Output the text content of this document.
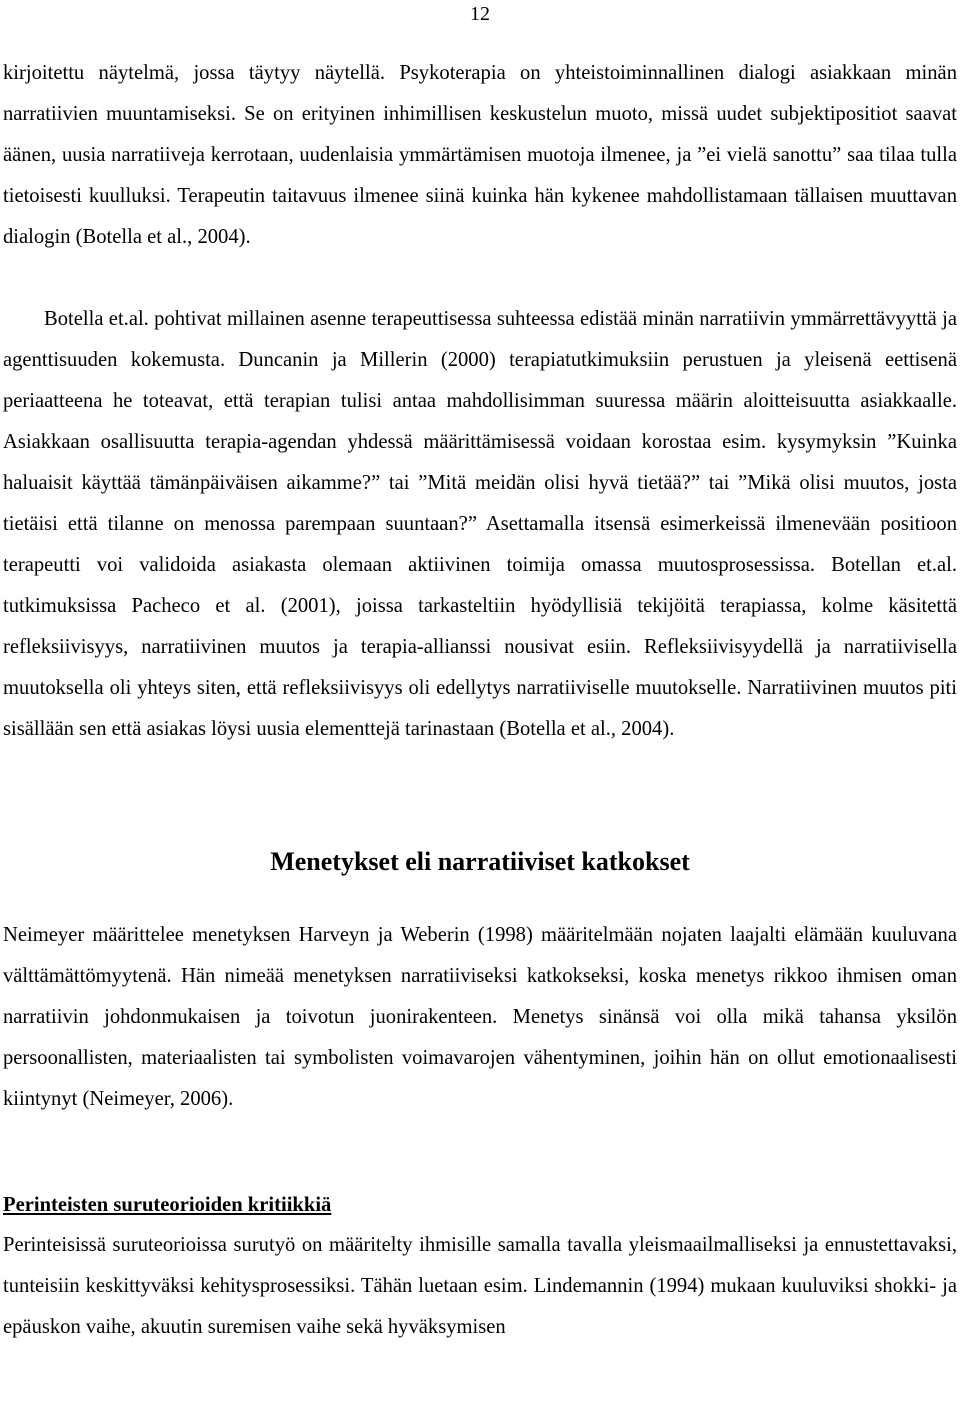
12

kirjoitettu näytelmä, jossa täytyy näytellä. Psykoterapia on yhteistoiminnallinen dialogi asiakkaan minän narratiivien muuntamiseksi. Se on erityinen inhimillisen keskustelun muoto, missä uudet subjektipositiot saavat äänen, uusia narratiiveja kerrotaan, uudenlaisia ymmärtämisen muotoja ilmenee, ja ”ei vielä sanottu” saa tilaa tulla tietoisesti kuulluksi. Terapeutin taitavuus ilmenee siinä kuinka hän kykenee mahdollistamaan tällaisen muuttavan dialogin (Botella et al., 2004).

Botella et.al. pohtivat millainen asenne terapeuttisessa suhteessa edistää minän narratiivin ymmärrettävyyttä ja agenttisuuden kokemusta. Duncanin ja Millerin (2000) terapiatutkimuksiin perustuen ja yleisenä eettisenä periaatteena he toteavat, että terapian tulisi antaa mahdollisimman suuressa määrin aloitteisuutta asiakkaalle. Asiakkaan osallisuutta terapia-agendan yhdessä määrittämisessä voidaan korostaa esim. kysymyksin ”Kuinka haluaisit käyttää tämänpäiväisen aikamme?” tai ”Mitä meidän olisi hyvä tietää?” tai ”Mikä olisi muutos, josta tietäisi että tilanne on menossa parempaan suuntaan?” Asettamalla itsensä esimerkeissä ilmenevään positioon terapeutti voi validoida asiakasta olemaan aktiivinen toimija omassa muutosprosessissa. Botellan et.al. tutkimuksissa Pacheco et al. (2001), joissa tarkasteltiin hyödyllisiä tekijöitä terapiassa, kolme käsitettä refleksiivisyys, narratiivinen muutos ja terapia-allianssi nousivat esiin. Refleksiivisyydellä ja narratiivisella muutoksella oli yhteys siten, että refleksiivisyys oli edellytys narratiiviselle muutokselle. Narratiivinen muutos piti sisällään sen että asiakas löysi uusia elementtejä tarinastaan (Botella et al., 2004).

Menetykset eli narratiiviset katkokset

Neimeyer määrittelee menetyksen Harveyn ja Weberin (1998) määritelmään nojaten laajalti elämään kuuluvana välttämättömyytenä. Hän nimeää menetyksen narratiiviseksi katkokseksi, koska menetys rikkoo ihmisen oman narratiivin johdonmukaisen ja toivotun juonirakenteen. Menetys sinänsä voi olla mikä tahansa yksilön persoonallisten, materiaalisten tai symbolisten voimavarojen vähentyminen, joihin hän on ollut emotionaalisesti kiintynyt (Neimeyer, 2006).

Perinteisten suruteorioiden kritiikkiä

Perinteisissä suruteorioissa surutyö on määritelty ihmisille samalla tavalla yleismaailmalliseksi ja ennustettavaksi, tunteisiin keskittyväksi kehitysprosessiksi. Tähän luetaan esim. Lindemannin (1994) mukaan kuuluviksi shokki- ja epäuskon vaihe, akuutin suremisen vaihe sekä hyväksymisen
